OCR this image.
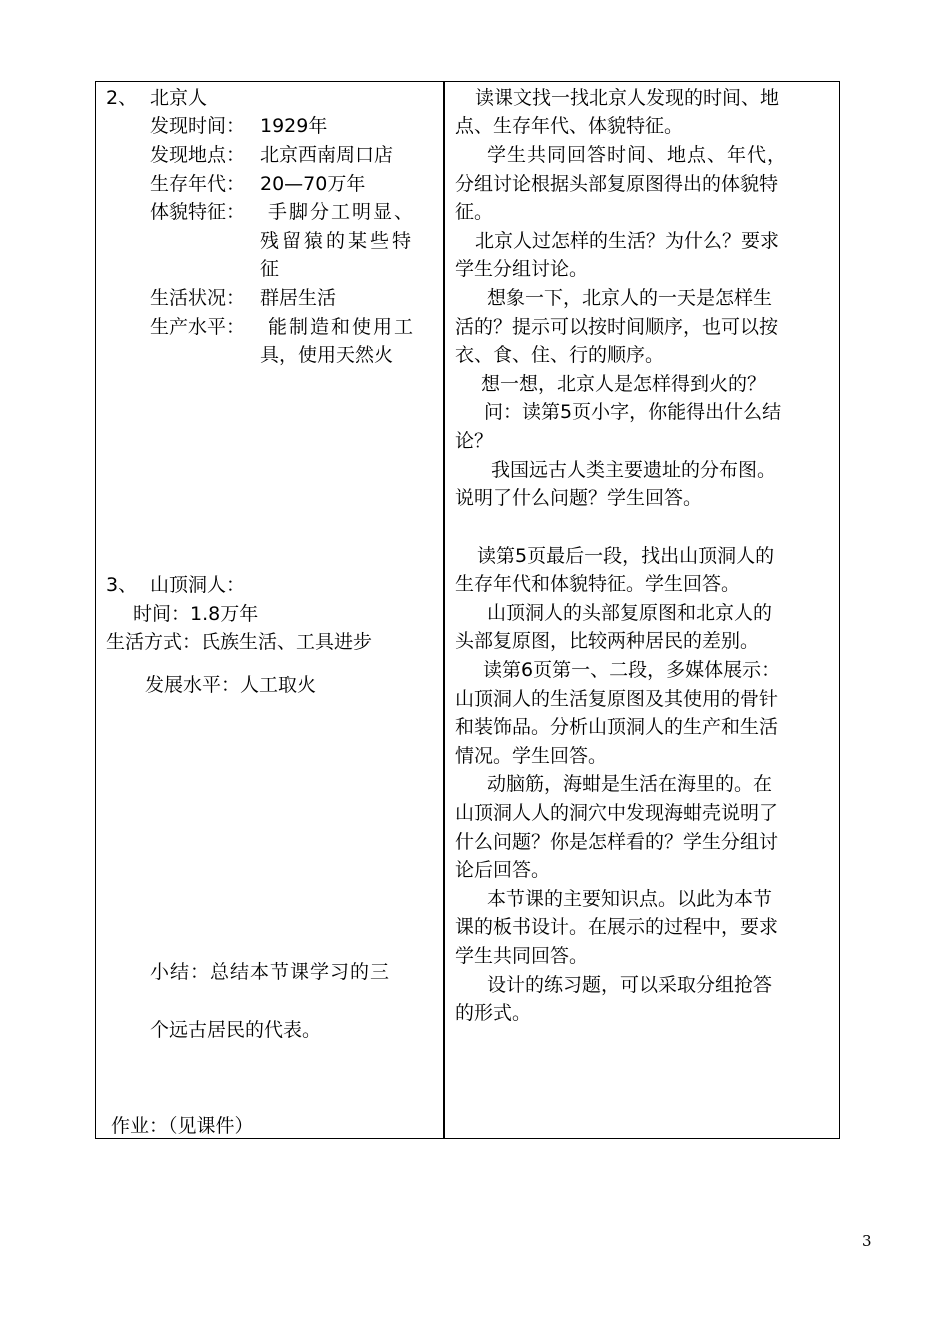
2、 北京人
发现时间： 1929年
发现地点： 北京西南周口店
生存年代： 20—70万年
体貌特征： 手脚分工明显、
残留猿的某些特
征
生活状况： 群居生活
生产水平： 能制造和使用工
具，使用天然火
3、 山顶洞人：
时间：1.8万年
生活方式：氏族生活、工具进步
发展水平：人工取火
小结：总结本节课学习的三
个远古居民的代表。
作业：（见课件）
读课文找一找北京人发现的时间、地
点、生存年代、体貌特征。
学生共同回答时间、地点、年代，
分组讨论根据头部复原图得出的体貌特
征。
北京人过怎样的生活？为什么？要求
学生分组讨论。
想象一下，北京人的一天是怎样生
活的？提示可以按时间顺序，也可以按
衣、食、住、行的顺序。
想一想，北京人是怎样得到火的？
问：读第5页小字，你能得出什么结
论？
我国远古人类主要遗址的分布图。
说明了什么问题？学生回答。
读第5页最后一段，找出山顶洞人的
生存年代和体貌特征。学生回答。
山顶洞人的头部复原图和北京人的
头部复原图，比较两种居民的差别。
读第6页第一、二段，多媒体展示：
山顶洞人的生活复原图及其使用的骨针
和装饰品。分析山顶洞人的生产和生活
情况。学生回答。
动脑筋，海蚶是生活在海里的。在
山顶洞人人的洞穴中发现海蚶壳说明了
什么问题？你是怎样看的？学生分组讨
论后回答。
本节课的主要知识点。以此为本节
课的板书设计。在展示的过程中，要求
学生共同回答。
设计的练习题，可以采取分组抢答
的形式。
3
